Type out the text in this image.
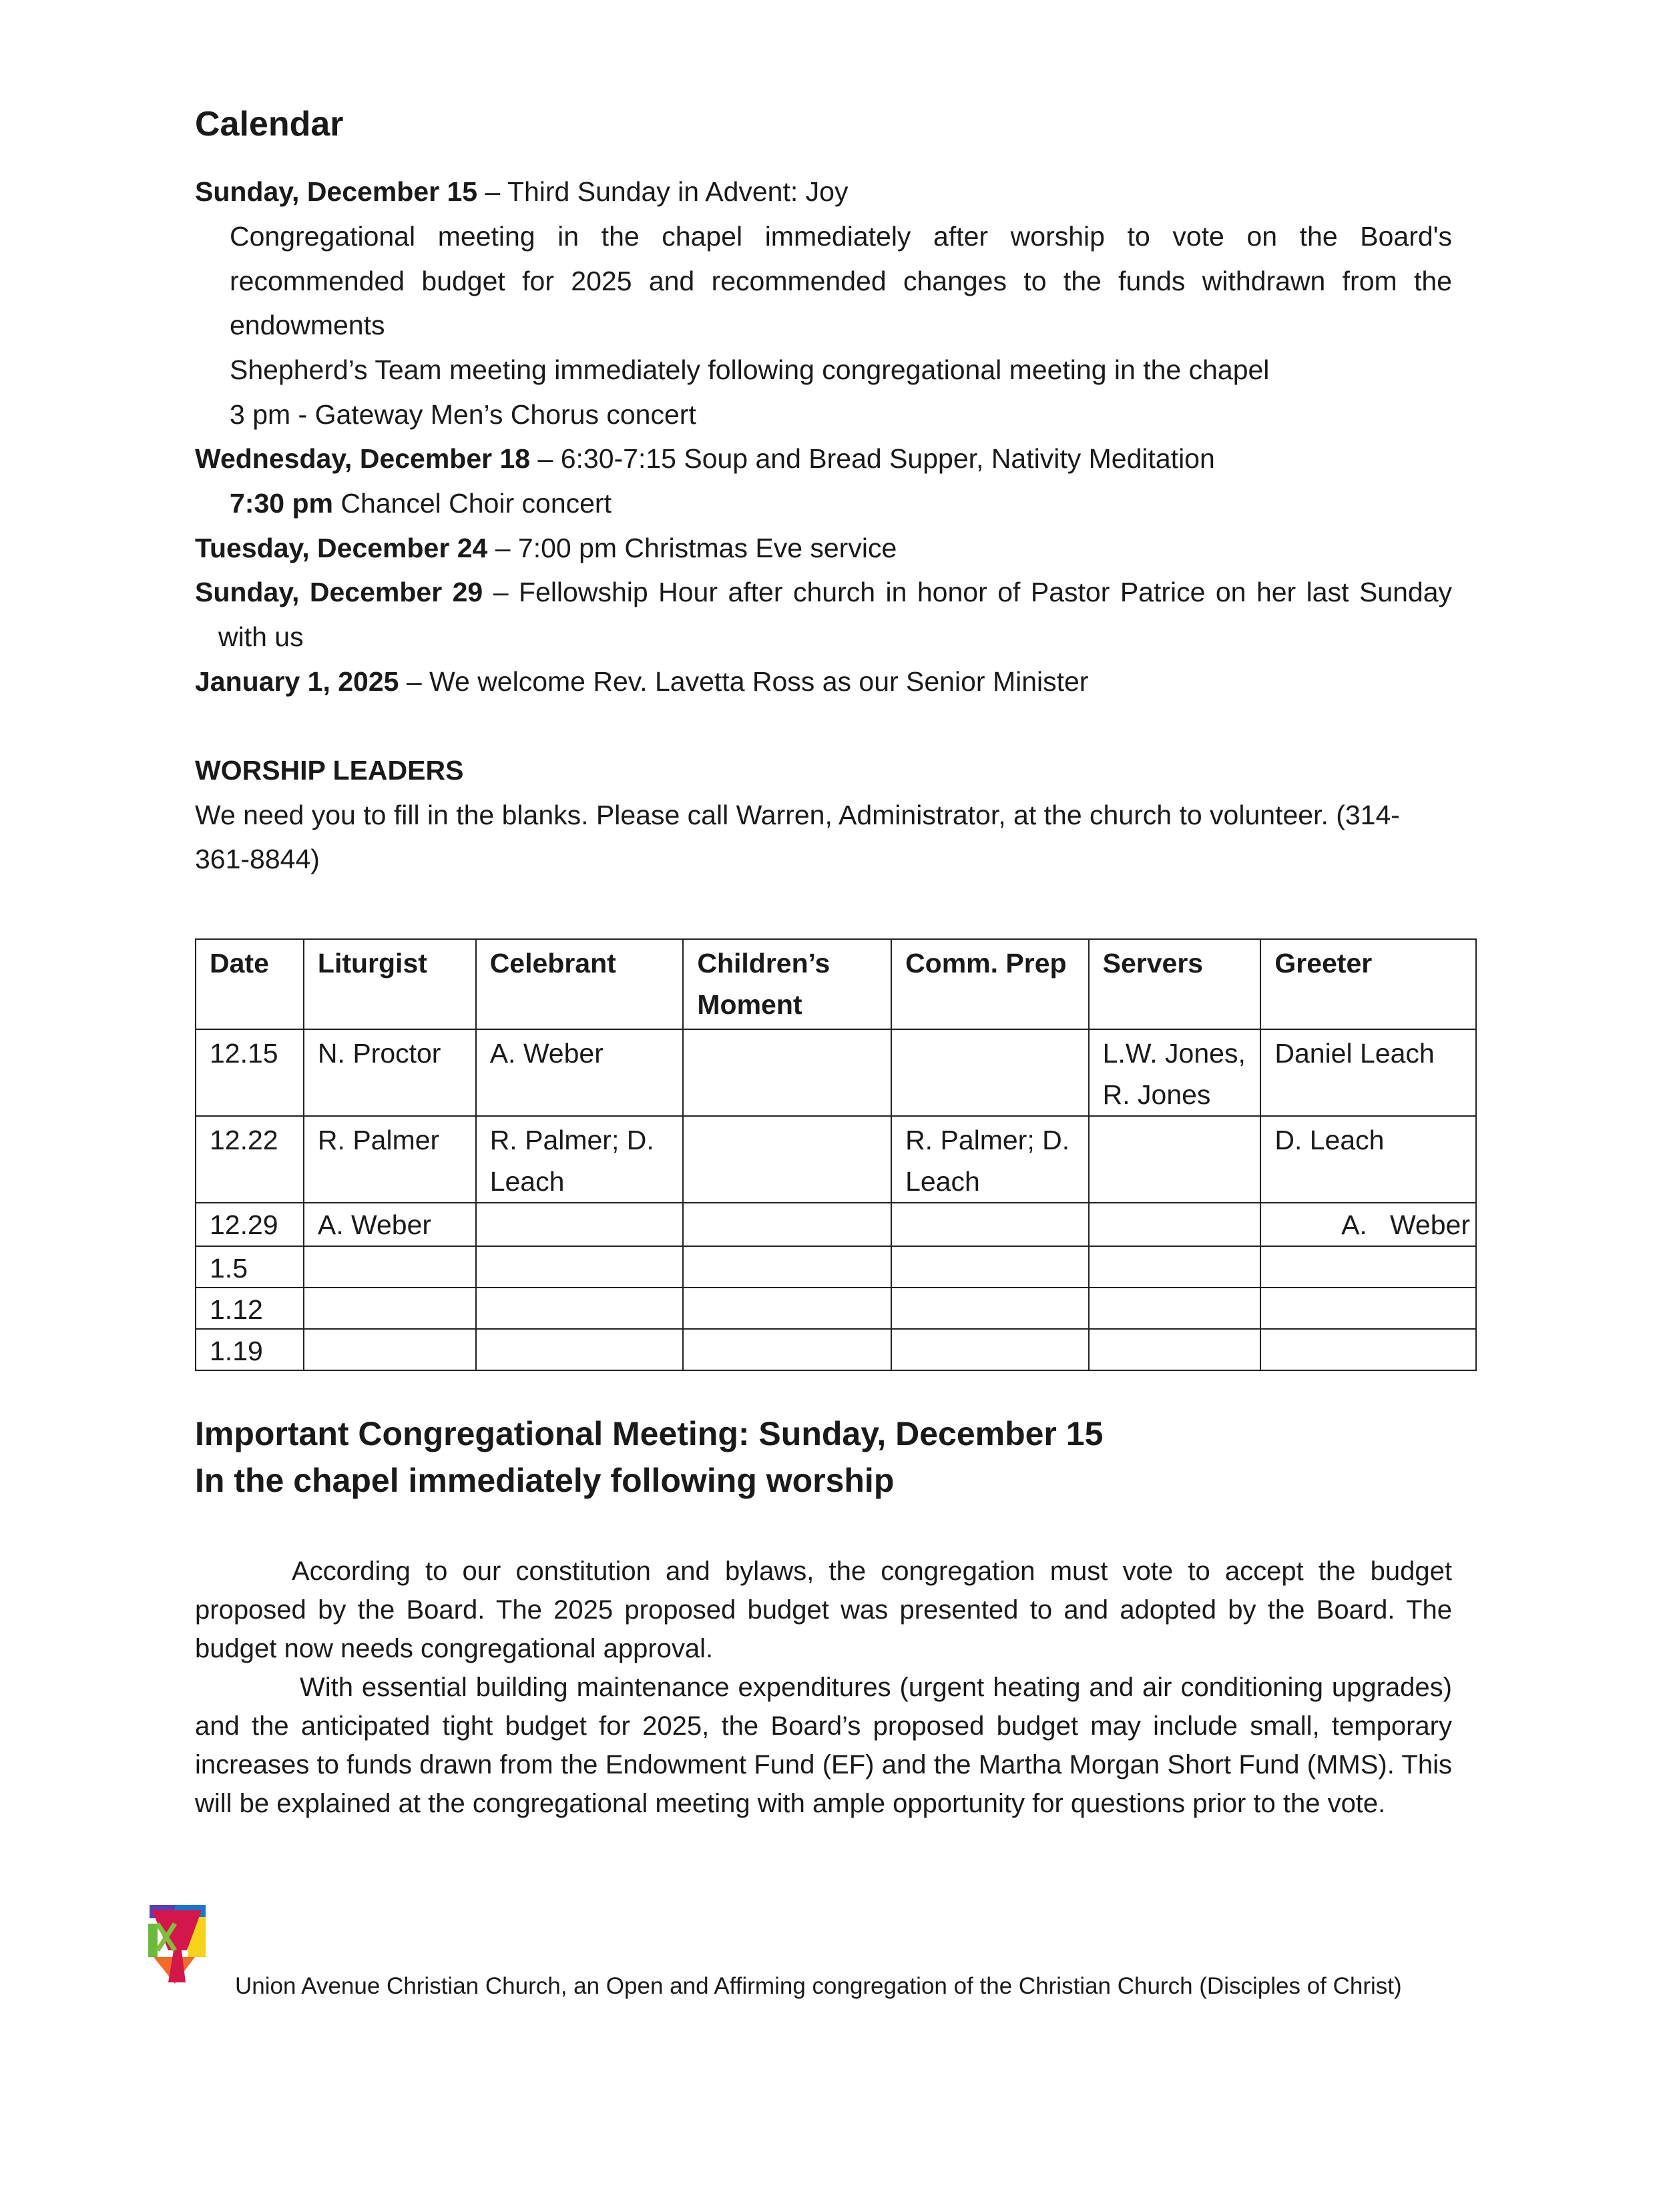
Calendar
Sunday, December 15 – Third Sunday in Advent: Joy
Congregational meeting in the chapel immediately after worship to vote on the Board's
recommended budget for 2025 and recommended changes to the funds withdrawn from the
endowments
Shepherd’s Team meeting immediately following congregational meeting in the chapel
3 pm - Gateway Men’s Chorus concert
Wednesday, December 18 – 6:30-7:15 Soup and Bread Supper, Nativity Meditation
7:30 pm Chancel Choir concert
Tuesday, December 24 – 7:00 pm Christmas Eve service
Sunday, December 29 – Fellowship Hour after church in honor of Pastor Patrice on her last Sunday
with us
January 1, 2025 – We welcome Rev. Lavetta Ross as our Senior Minister
WORSHIP LEADERS
We need you to fill in the blanks. Please call Warren, Administrator, at the church to volunteer. (314-
361-8844)
Date	Liturgist	Celebrant	Children’s Moment	Comm. Prep	Servers	Greeter
12.15	N. Proctor	A. Weber			L.W. Jones, R. Jones	Daniel Leach
12.22	R. Palmer	R. Palmer; D. Leach		R. Palmer; D. Leach		D. Leach
12.29	A. Weber					A.   Weber
1.5						
1.12						
1.19						
Important Congregational Meeting: Sunday, December 15
In the chapel immediately following worship
According to our constitution and bylaws, the congregation must vote to accept the budget proposed by the Board. The 2025 proposed budget was presented to and adopted by the Board. The budget now needs congregational approval.
With essential building maintenance expenditures (urgent heating and air conditioning upgrades) and the anticipated tight budget for 2025, the Board’s proposed budget may include small, temporary increases to funds drawn from the Endowment Fund (EF) and the Martha Morgan Short Fund (MMS). This will be explained at the congregational meeting with ample opportunity for questions prior to the vote.
Union Avenue Christian Church, an Open and Affirming congregation of the Christian Church (Disciples of Christ)
